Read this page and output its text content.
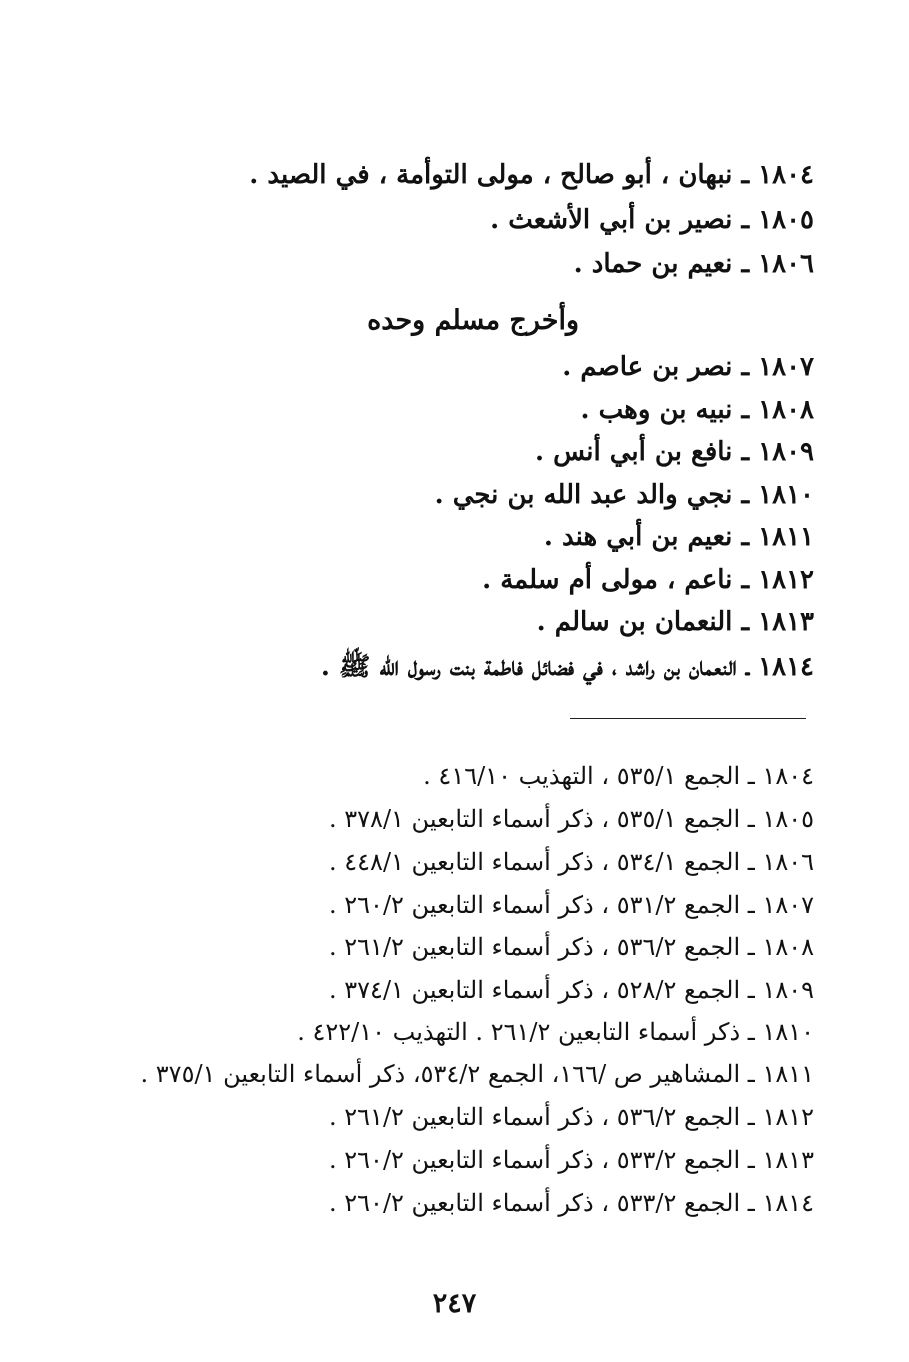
١٨٠٤ ـ نبهان ، أبو صالح ، مولى التوأمة ، في الصيد .
١٨٠٥ ـ نصير بن أبي الأشعث .
١٨٠٦ ـ نعيم بن حماد .
وأخرج مسلم وحده
١٨٠٧ ـ نصر بن عاصم .
١٨٠٨ ـ نبيه بن وهب .
١٨٠٩ ـ نافع بن أبي أنس .
١٨١٠ ـ نجي والد عبد الله بن نجي .
١٨١١ ـ نعيم بن أبي هند .
١٨١٢ ـ ناعم ، مولى أم سلمة .
١٨١٣ ـ النعمان بن سالم .
١٨١٤ ـ النعمان بن راشد ، في فضائل فاطمة بنت رسول الله ﷺ .
١٨٠٤ ـ الجمع ٥٣٥/١ ، التهذيب ٤١٦/١٠ .
١٨٠٥ ـ الجمع ٥٣٥/١ ، ذكر أسماء التابعين ٣٧٨/١ .
١٨٠٦ ـ الجمع ٥٣٤/١ ، ذكر أسماء التابعين ٤٤٨/١ .
١٨٠٧ ـ الجمع ٥٣١/٢ ، ذكر أسماء التابعين ٢٦٠/٢ .
١٨٠٨ ـ الجمع ٥٣٦/٢ ، ذكر أسماء التابعين ٢٦١/٢ .
١٨٠٩ ـ الجمع ٥٢٨/٢ ، ذكر أسماء التابعين ٣٧٤/١ .
١٨١٠ ـ ذكر أسماء التابعين ٢٦١/٢ . التهذيب ٤٢٢/١٠ .
١٨١١ ـ المشاهير ص /١٦٦، الجمع ٥٣٤/٢، ذكر أسماء التابعين ٣٧٥/١ .
١٨١٢ ـ الجمع ٥٣٦/٢ ، ذكر أسماء التابعين ٢٦١/٢ .
١٨١٣ ـ الجمع ٥٣٣/٢ ، ذكر أسماء التابعين ٢٦٠/٢ .
١٨١٤ ـ الجمع ٥٣٣/٢ ، ذكر أسماء التابعين ٢٦٠/٢ .
٢٤٧
